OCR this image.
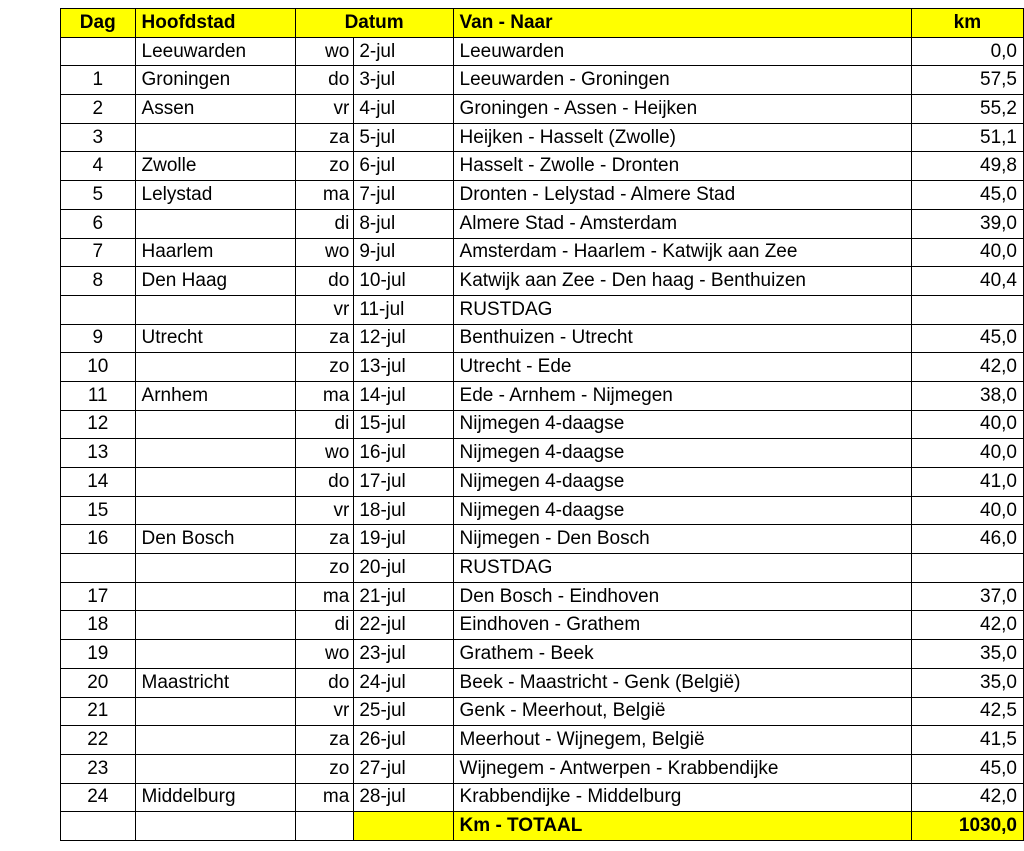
Dag	Hoofdstad	Datum		Van - Naar	km
	Leeuwarden	wo	2-jul	Leeuwarden	0,0
1	Groningen	do	3-jul	Leeuwarden - Groningen	57,5
2	Assen	vr	4-jul	Groningen - Assen - Heijken	55,2
3		za	5-jul	Heijken - Hasselt (Zwolle)	51,1
4	Zwolle	zo	6-jul	Hasselt - Zwolle - Dronten	49,8
5	Lelystad	ma	7-jul	Dronten - Lelystad - Almere Stad	45,0
6		di	8-jul	Almere Stad - Amsterdam	39,0
7	Haarlem	wo	9-jul	Amsterdam - Haarlem - Katwijk aan Zee	40,0
8	Den Haag	do	10-jul	Katwijk aan Zee - Den haag - Benthuizen	40,4
		vr	11-jul	RUSTDAG	
9	Utrecht	za	12-jul	Benthuizen - Utrecht	45,0
10		zo	13-jul	Utrecht - Ede	42,0
11	Arnhem	ma	14-jul	Ede - Arnhem - Nijmegen	38,0
12		di	15-jul	Nijmegen 4-daagse	40,0
13		wo	16-jul	Nijmegen 4-daagse	40,0
14		do	17-jul	Nijmegen 4-daagse	41,0
15		vr	18-jul	Nijmegen 4-daagse	40,0
16	Den Bosch	za	19-jul	Nijmegen - Den Bosch	46,0
		zo	20-jul	RUSTDAG	
17		ma	21-jul	Den Bosch - Eindhoven	37,0
18		di	22-jul	Eindhoven - Grathem	42,0
19		wo	23-jul	Grathem - Beek	35,0
20	Maastricht	do	24-jul	Beek - Maastricht - Genk (België)	35,0
21		vr	25-jul	Genk - Meerhout, België	42,5
22		za	26-jul	Meerhout - Wijnegem, België	41,5
23		zo	27-jul	Wijnegem - Antwerpen - Krabbendijke	45,0
24	Middelburg	ma	28-jul	Krabbendijke - Middelburg	42,0
				Km - TOTAAL	1030,0
